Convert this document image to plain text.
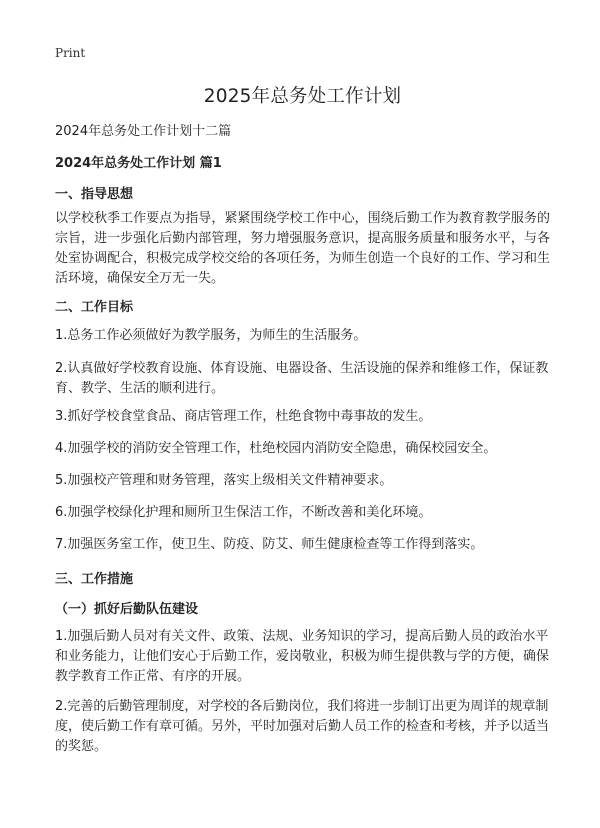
Print
2025年总务处工作计划

2024年总务处工作计划十二篇

2024年总务处工作计划 篇1

一、指导思想

以学校秋季工作要点为指导，紧紧围绕学校工作中心，围绕后勤工作为教育教学服务的宗旨，进一步强化后勤内部管理，努力增强服务意识，提高服务质量和服务水平，与各处室协调配合，积极完成学校交给的各项任务，为师生创造一个良好的工作、学习和生活环境，确保安全万无一失。

二、工作目标

1.总务工作必须做好为教学服务，为师生的生活服务。

2.认真做好学校教育设施、体育设施、电器设备、生活设施的保养和维修工作，保证教育、教学、生活的顺利进行。

3.抓好学校食堂食品、商店管理工作，杜绝食物中毒事故的发生。

4.加强学校的消防安全管理工作，杜绝校园内消防安全隐患，确保校园安全。

5.加强校产管理和财务管理，落实上级相关文件精神要求。

6.加强学校绿化护理和厕所卫生保洁工作，不断改善和美化环境。

7.加强医务室工作，使卫生、防疫、防艾、师生健康检查等工作得到落实。

三、工作措施

（一）抓好后勤队伍建设

1.加强后勤人员对有关文件、政策、法规、业务知识的学习，提高后勤人员的政治水平和业务能力，让他们安心于后勤工作，爱岗敬业，积极为师生提供教与学的方便，确保教学教育工作正常、有序的开展。

2.完善的后勤管理制度，对学校的各后勤岗位，我们将进一步制订出更为周详的规章制度，使后勤工作有章可循。另外，平时加强对后勤人员工作的检查和考核，并予以适当的奖惩。
